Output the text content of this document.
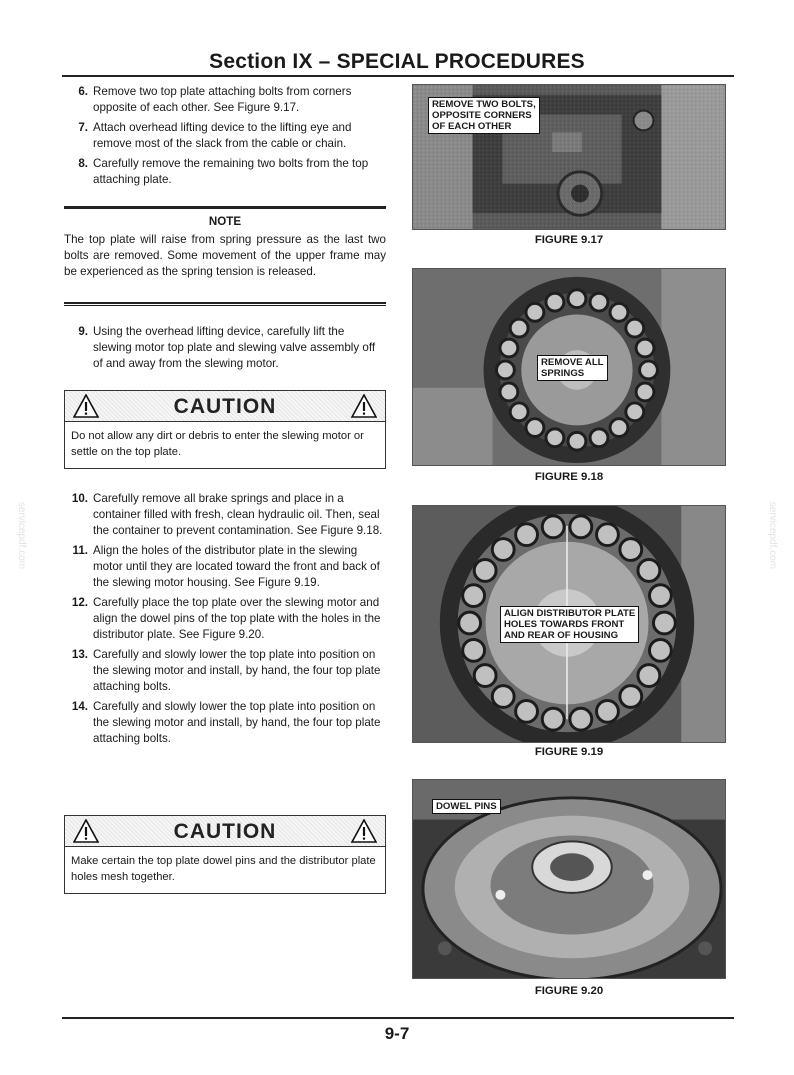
Section IX – SPECIAL PROCEDURES

6. Remove two top plate attaching bolts from corners opposite of each other. See Figure 9.17.

7. Attach overhead lifting device to the lifting eye and remove most of the slack from the cable or chain.

8. Carefully remove the remaining two bolts from the top attaching plate.

NOTE
The top plate will raise from spring pressure as the last two bolts are removed. Some movement of the upper frame may be experienced as the spring tension is released.

9. Using the overhead lifting device, carefully lift the slewing motor top plate and slewing valve assembly off of and away from the slewing motor.

CAUTION
Do not allow any dirt or debris to enter the slewing motor or settle on the top plate.

10. Carefully remove all brake springs and place in a container filled with fresh, clean hydraulic oil. Then, seal the container to prevent contamination. See Figure 9.18.

11. Align the holes of the distributor plate in the slewing motor until they are located toward the front and back of the slewing motor housing. See Figure 9.19.

12. Carefully place the top plate over the slewing motor and align the dowel pins of the top plate with the holes in the distributor plate. See Figure 9.20.

13. Carefully and slowly lower the top plate into position on the slewing motor and install, by hand, the four top plate attaching bolts.

14. Carefully and slowly lower the top plate into position on the slewing motor and install, by hand, the four top plate attaching bolts.

CAUTION
Make certain the top plate dowel pins and the distributor plate holes mesh together.
REMOVE TWO BOLTS,
OPPOSITE CORNERS
OF EACH OTHER
FIGURE 9.17
REMOVE ALL
SPRINGS
FIGURE 9.18
ALIGN DISTRIBUTOR PLATE
HOLES TOWARDS FRONT
AND REAR OF HOUSING
FIGURE 9.19
DOWEL PINS
FIGURE 9.20
servicepdf.com	servicepdf.com
9-7
